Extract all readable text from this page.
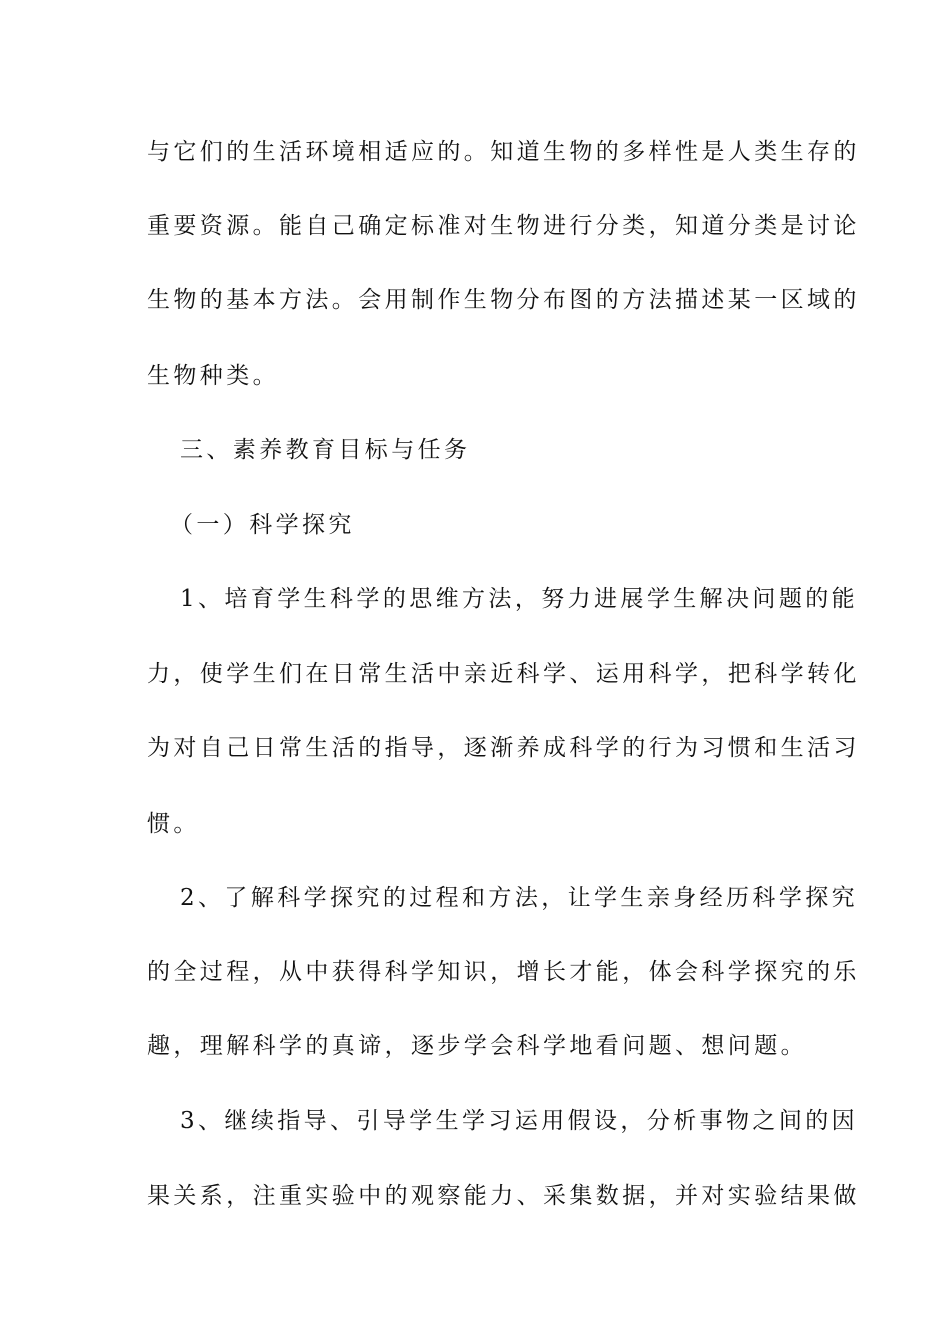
与它们的生活环境相适应的。知道生物的多样性是人类生存的
重要资源。能自己确定标准对生物进行分类，知道分类是讨论
生物的基本方法。会用制作生物分布图的方法描述某一区域的
生物种类。
三、素养教育目标与任务
（一）科学探究
1、培育学生科学的思维方法，努力进展学生解决问题的能
力，使学生们在日常生活中亲近科学、运用科学，把科学转化
为对自己日常生活的指导，逐渐养成科学的行为习惯和生活习
惯。
2、了解科学探究的过程和方法，让学生亲身经历科学探究
的全过程，从中获得科学知识，增长才能，体会科学探究的乐
趣，理解科学的真谛，逐步学会科学地看问题、想问题。
3、继续指导、引导学生学习运用假设，分析事物之间的因
果关系，注重实验中的观察能力、采集数据，并对实验结果做
